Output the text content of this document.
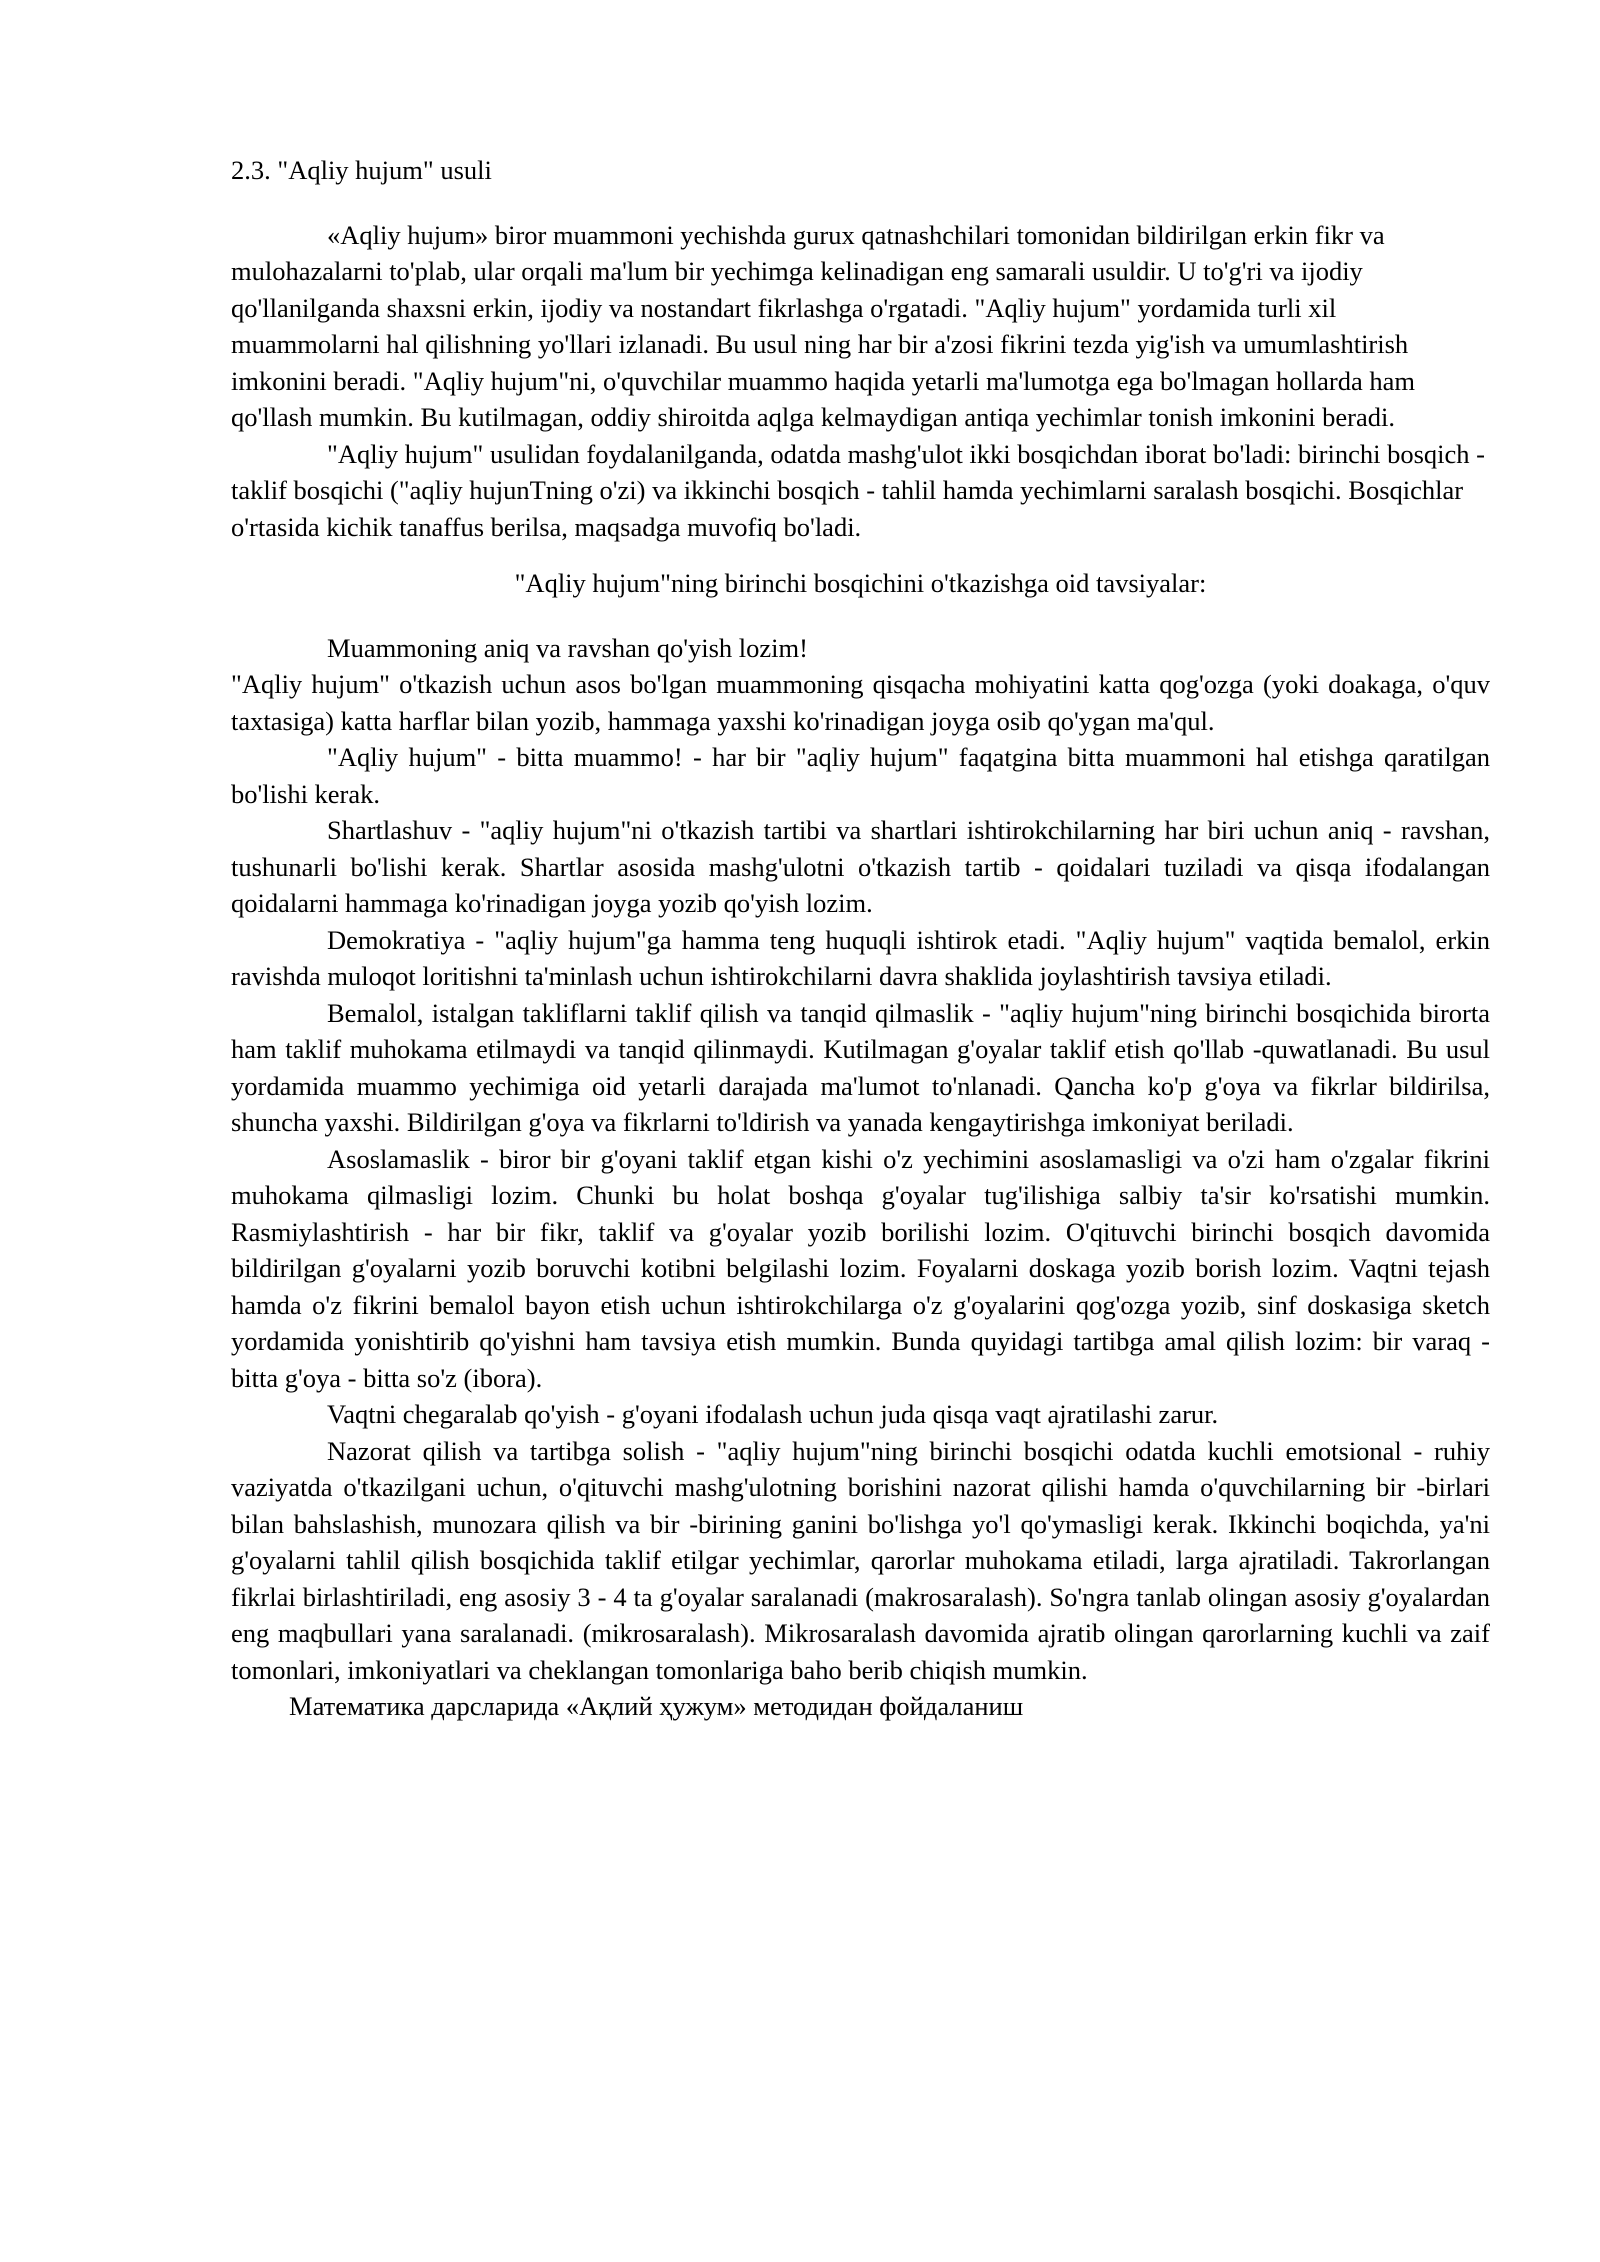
2.3. "Aqliy hujum" usuli

«Aqliy hujum» biror muammoni yechishda gurux qatnashchilari tomonidan bildirilgan erkin fikr va mulohazalarni to'plab, ular orqali ma'lum bir yechimga kelinadigan eng samarali usuldir. U to'g'ri va ijodiy qo'llanilganda shaxsni erkin, ijodiy va nostandart fikrlashga o'rgatadi. "Aqliy hujum" yordamida turli xil muammolarni hal qilishning yo'llari izlanadi. Bu usul ning har bir a'zosi fikrini tezda yig'ish va umumlashtirish imkonini beradi. "Aqliy hujum"ni, o'quvchilar muammo haqida yetarli ma'lumotga ega bo'lmagan hollarda ham qo'llash mumkin. Bu kutilmagan, oddiy shiroitda aqlga kelmaydigan antiqa yechimlar tonish imkonini beradi.

"Aqliy hujum" usulidan foydalanilganda, odatda mashg'ulot ikki bosqichdan iborat bo'ladi: birinchi bosqich - taklif bosqichi ("aqliy hujunTning o'zi) va ikkinchi bosqich - tahlil hamda yechimlarni saralash bosqichi. Bosqichlar o'rtasida kichik tanaffus berilsa, maqsadga muvofiq bo'ladi.

"Aqliy hujum"ning birinchi bosqichini o'tkazishga oid tavsiyalar:

Muammoning aniq va ravshan qo'yish lozim!

"Aqliy hujum" o'tkazish uchun asos bo'lgan muammoning qisqacha mohiyatini katta qog'ozga (yoki doakaga, o'quv taxtasiga) katta harflar bilan yozib, hammaga yaxshi ko'rinadigan joyga osib qo'ygan ma'qul.

"Aqliy hujum" - bitta muammo! - har bir "aqliy hujum" faqatgina bitta muammoni hal etishga qaratilgan bo'lishi kerak.

Shartlashuv - "aqliy hujum"ni o'tkazish tartibi va shartlari ishtirokchilarning har biri uchun aniq - ravshan, tushunarli bo'lishi kerak. Shartlar asosida mashg'ulotni o'tkazish tartib - qoidalari tuziladi va qisqa ifodalangan qoidalarni hammaga ko'rinadigan joyga yozib qo'yish lozim.

Demokratiya - "aqliy hujum"ga hamma teng huquqli ishtirok etadi. "Aqliy hujum" vaqtida bemalol, erkin ravishda muloqot loritishni ta'minlash uchun ishtirokchilarni davra shaklida joylashtirish tavsiya etiladi.

Bemalol, istalgan takliflarni taklif qilish va tanqid qilmaslik - "aqliy hujum"ning birinchi bosqichida birorta ham taklif muhokama etilmaydi va tanqid qilinmaydi. Kutilmagan g'oyalar taklif etish qo'llab -quwatlanadi. Bu usul yordamida muammo yechimiga oid yetarli darajada ma'lumot to'nlanadi. Qancha ko'p g'oya va fikrlar bildirilsa, shuncha yaxshi. Bildirilgan g'oya va fikrlarni to'ldirish va yanada kengaytirishga imkoniyat beriladi.

Asoslamaslik - biror bir g'oyani taklif etgan kishi o'z yechimini asoslamasligi va o'zi ham o'zgalar fikrini muhokama qilmasligi lozim. Chunki bu holat boshqa g'oyalar tug'ilishiga salbiy ta'sir ko'rsatishi mumkin. Rasmiylashtirish - har bir fikr, taklif va g'oyalar yozib borilishi lozim. O'qituvchi birinchi bosqich davomida bildirilgan g'oyalarni yozib boruvchi kotibni belgilashi lozim. Foyalarni doskaga yozib borish lozim. Vaqtni tejash hamda o'z fikrini bemalol bayon etish uchun ishtirokchilarga o'z g'oyalarini qog'ozga yozib, sinf doskasiga sketch yordamida yonishtirib qo'yishni ham tavsiya etish mumkin. Bunda quyidagi tartibga amal qilish lozim: bir varaq - bitta g'oya - bitta so'z (ibora).

Vaqtni chegaralab qo'yish - g'oyani ifodalash uchun juda qisqa vaqt ajratilashi zarur.

Nazorat qilish va tartibga solish - "aqliy hujum"ning birinchi bosqichi odatda kuchli emotsional - ruhiy vaziyatda o'tkazilgani uchun, o'qituvchi mashg'ulotning borishini nazorat qilishi hamda o'quvchilarning bir -birlari bilan bahslashish, munozara qilish va bir -birining ganini bo'lishga yo'l qo'ymasligi kerak. Ikkinchi boqichda, ya'ni g'oyalarni tahlil qilish bosqichida taklif etilgar yechimlar, qarorlar muhokama etiladi, larga ajratiladi. Takrorlangan fikrlai birlashtiriladi, eng asosiy 3 - 4 ta g'oyalar saralanadi (makrosaralash). So'ngra tanlab olingan asosiy g'oyalardan eng maqbullari yana saralanadi. (mikrosaralash). Mikrosaralash davomida ajratib olingan qarorlarning kuchli va zaif tomonlari, imkoniyatlari va cheklangan tomonlariga baho berib chiqish mumkin.

Математика дарсларида «Ақлий ҳужум» методидан фойдаланиш
